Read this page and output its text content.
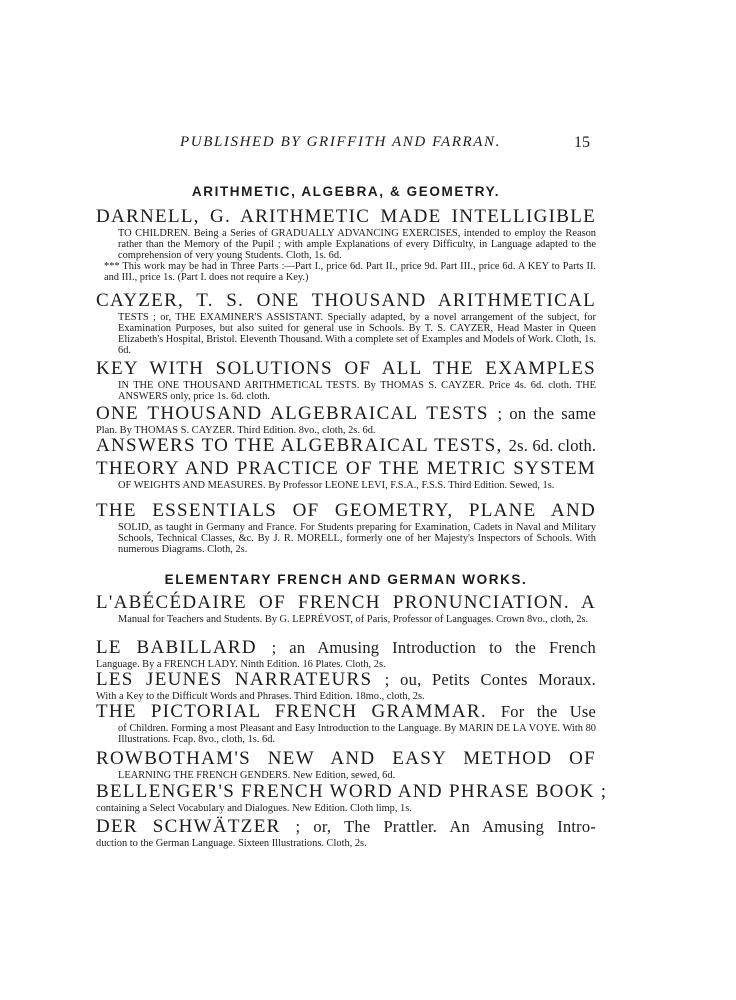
PUBLISHED BY GRIFFITH AND FARRAN.	15
ARITHMETIC, ALGEBRA, & GEOMETRY.
DARNELL, G. ARITHMETIC MADE INTELLIGIBLE
TO CHILDREN. Being a Series of GRADUALLY ADVANCING EXERCISES, intended to employ the Reason rather than the Memory of the Pupil ; with ample Explanations of every Difficulty, in Language adapted to the comprehension of very young Students. Cloth, 1s. 6d.
*** This work may be had in Three Parts :—Part I., price 6d. Part II., price 9d. Part III., price 6d. A KEY to Parts II. and III., price 1s. (Part I. does not require a Key.)
CAYZER, T. S. ONE THOUSAND ARITHMETICAL
TESTS ; or, THE EXAMINER'S ASSISTANT. Specially adapted, by a novel arrangement of the subject, for Examination Purposes, but also suited for general use in Schools. By T. S. CAYZER, Head Master in Queen Elizabeth's Hospital, Bristol. Eleventh Thousand. With a complete set of Examples and Models of Work. Cloth, 1s. 6d.
KEY WITH SOLUTIONS OF ALL THE EXAMPLES
IN THE ONE THOUSAND ARITHMETICAL TESTS. By THOMAS S. CAYZER. Price 4s. 6d. cloth. THE ANSWERS only, price 1s. 6d. cloth.
ONE THOUSAND ALGEBRAICAL TESTS ; on the same
Plan. By THOMAS S. CAYZER. Third Edition. 8vo., cloth, 2s. 6d.
ANSWERS TO THE ALGEBRAICAL TESTS, 2s. 6d. cloth.
THEORY AND PRACTICE OF THE METRIC SYSTEM
OF WEIGHTS AND MEASURES. By Professor LEONE LEVI, F.S.A., F.S.S. Third Edition. Sewed, 1s.
THE ESSENTIALS OF GEOMETRY, PLANE AND
SOLID, as taught in Germany and France. For Students preparing for Examination, Cadets in Naval and Military Schools, Technical Classes, &c. By J. R. MORELL, formerly one of her Majesty's Inspectors of Schools. With numerous Diagrams. Cloth, 2s.
ELEMENTARY FRENCH AND GERMAN WORKS.
L'ABÉCÉDAIRE OF FRENCH PRONUNCIATION. A
Manual for Teachers and Students. By G. LEPRÉVOST, of Paris, Professor of Languages. Crown 8vo., cloth, 2s.
LE BABILLARD ; an Amusing Introduction to the French
Language. By a FRENCH LADY. Ninth Edition. 16 Plates. Cloth, 2s.
LES JEUNES NARRATEURS ; ou, Petits Contes Moraux.
With a Key to the Difficult Words and Phrases. Third Edition. 18mo., cloth, 2s.
THE PICTORIAL FRENCH GRAMMAR. For the Use
of Children. Forming a most Pleasant and Easy Introduction to the Language. By MARIN DE LA VOYE. With 80 Illustrations. Fcap. 8vo., cloth, 1s. 6d.
ROWBOTHAM'S NEW AND EASY METHOD OF
LEARNING THE FRENCH GENDERS. New Edition, sewed, 6d.
BELLENGER'S FRENCH WORD AND PHRASE BOOK ;
containing a Select Vocabulary and Dialogues. New Edition. Cloth limp, 1s.
DER SCHWÄTZER ; or, The Prattler. An Amusing Intro-
duction to the German Language. Sixteen Illustrations. Cloth, 2s.
